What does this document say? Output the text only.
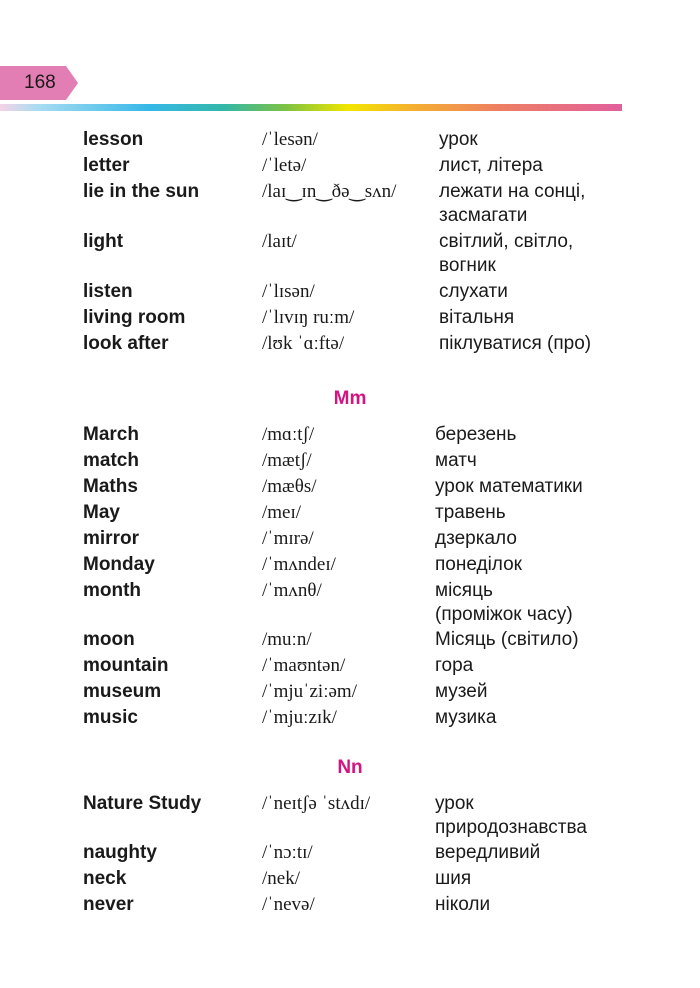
168
lesson	/ˈlesən/	урок
letter	/ˈletə/	лист, літера
lie in the sun	/laɪ‿ɪn‿ðə‿sʌn/ лежати на сонці,
засмагати
light	/laɪt/	світлий, світло,
вогник
listen	/ˈlɪsən/	слухати
living room	/ˈlɪvɪŋ ruːm/	вітальня
look after	/lʊk ˈɑːftə/	піклуватися (про)
Mm
March	/mɑːtʃ/	березень
match	/mætʃ/	матч
Maths	/mæθs/	урок математики
May	/meɪ/	травень
mirror	/ˈmɪrə/	дзеркало
Monday	/ˈmʌndeɪ/	понеділок
month	/ˈmʌnθ/	місяць
(проміжок часу)
moon	/muːn/	Місяць (світило)
mountain	/ˈmaʊntən/	гора
museum	/ˈmjuˈziːəm/	музей
music	/ˈmjuːzɪk/	музика
Nn
Nature Study	/ˈneɪtʃə ˈstʌdɪ/	урок
природознавства
naughty	/ˈnɔːtɪ/	вередливий
neck	/nek/	шия
never	/ˈnevə/	ніколи
